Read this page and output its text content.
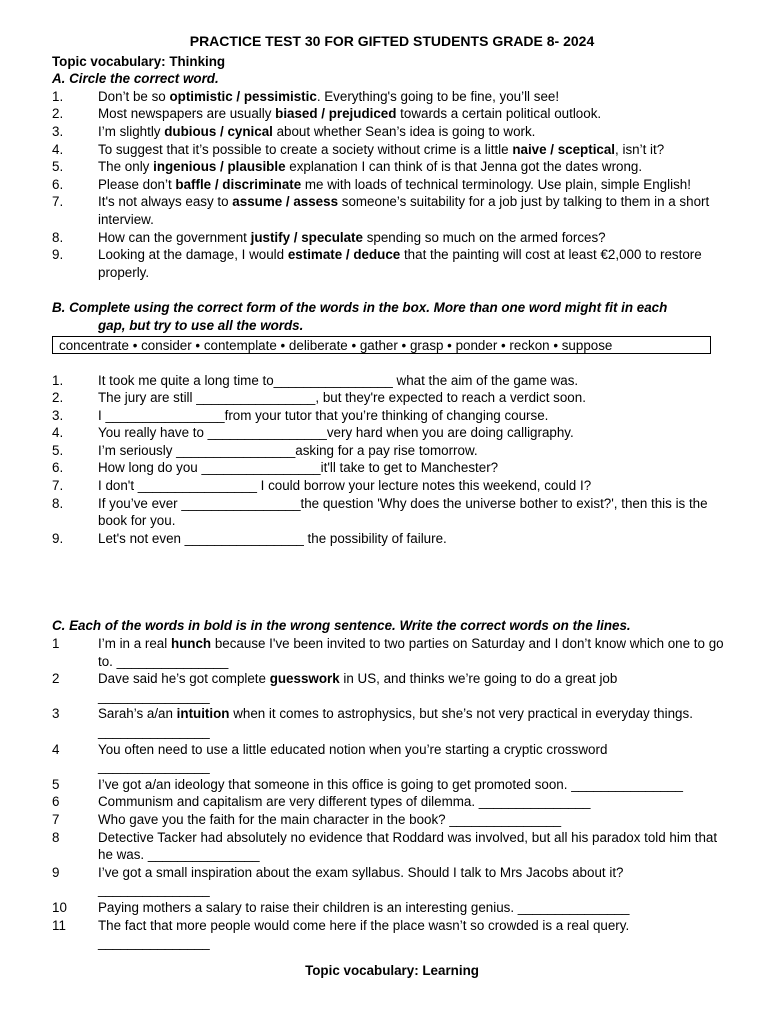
PRACTICE TEST 30 FOR GIFTED STUDENTS GRADE 8- 2024
Topic vocabulary: Thinking
A. Circle the correct word.
1.	Don’t be so optimistic / pessimistic. Everything's going to be fine, you’ll see!
2.	Most newspapers are usually biased / prejudiced towards a certain political outlook.
3.	I’m slightly dubious / cynical about whether Sean’s idea is going to work.
4.	To suggest that it’s possible to create a society without crime is a little naive / sceptical, isn’t it?
5.	The only ingenious / plausible explanation I can think of is that Jenna got the dates wrong.
6.	Please don’t baffle / discriminate me with loads of technical terminology. Use plain, simple English!
7.	It's not always easy to assume / assess someone’s suitability for a job just by talking to them in a short interview.
8.	How can the government justify / speculate spending so much on the armed forces?
9.	Looking at the damage, I would estimate / deduce that the painting will cost at least €2,000 to restore properly.
B. Complete using the correct form of the words in the box. More than one word might fit in each
gap, but try to use all the words.
concentrate • consider • contemplate • deliberate • gather • grasp • ponder • reckon • suppose
1.	It took me quite a long time to________________ what the aim of the game was.
2.	The jury are still ________________, but they're expected to reach a verdict soon.
3.	I ________________from your tutor that you’re thinking of changing course.
4.	You really have to ________________very hard when you are doing calligraphy.
5.	I’m seriously ________________asking for a pay rise tomorrow.
6.	How long do you ________________it'll take to get to Manchester?
7.	I don't ________________ I could borrow your lecture notes this weekend, could I?
8.	If you’ve ever ________________the question 'Why does the universe bother to exist?', then this is the book for you.
9.	Let's not even ________________ the possibility of failure.
C. Each of the words in bold is in the wrong sentence. Write the correct words on the lines.
1	I’m in a real hunch because I've been invited to two parties on Saturday and I don’t know which one to go to. _______________
2	Dave said he’s got complete guesswork in US, and thinks we’re going to do a great job
_______________
3	Sarah’s a/an intuition when it comes to astrophysics, but she’s not very practical in everyday things.
_______________
4	You often need to use a little educated notion when you’re starting a cryptic crossword
_______________
5	I’ve got a/an ideology that someone in this office is going to get promoted soon. _______________
6	Communism and capitalism are very different types of dilemma. _______________
7	Who gave you the faith for the main character in the book? _______________
8	Detective Tacker had absolutely no evidence that Roddard was involved, but all his paradox told him that he was. _______________
9	I’ve got a small inspiration about the exam syllabus. Should I talk to Mrs Jacobs about it?
_______________
10	Paying mothers a salary to raise their children is an interesting genius. _______________
11	The fact that more people would come here if the place wasn’t so crowded is a real query.
_______________
Topic vocabulary: Learning
